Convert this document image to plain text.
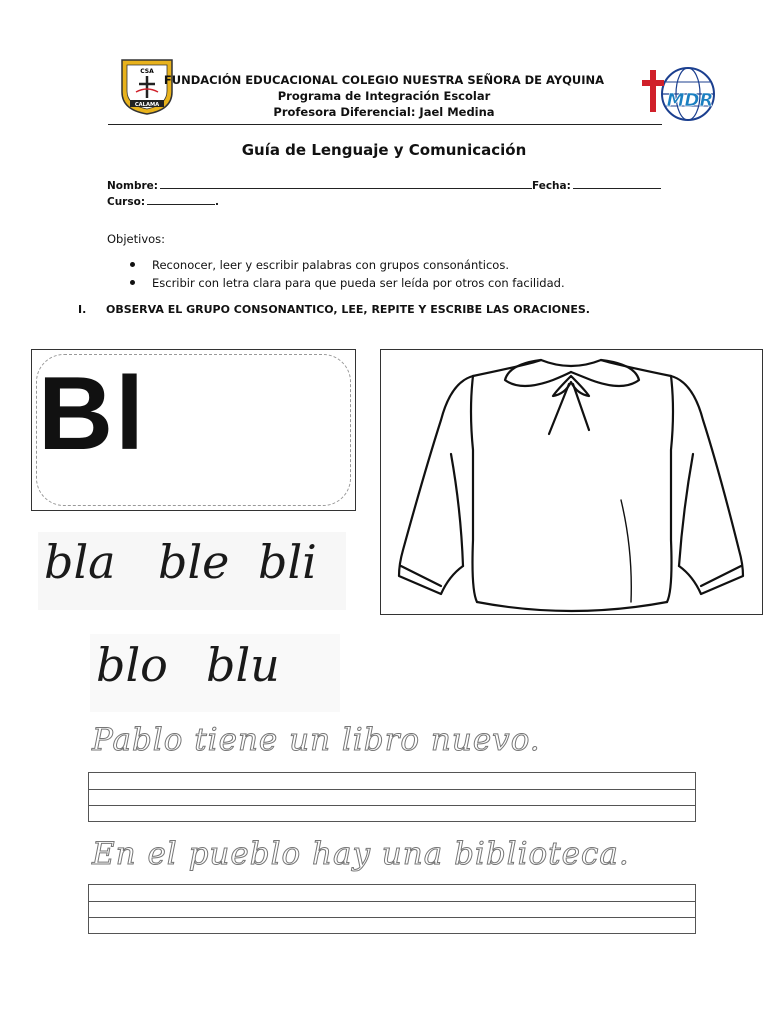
CSA
CALAMA	MDR
FUNDACIÓN EDUCACIONAL COLEGIO NUESTRA SEÑORA DE AYQUINA
Programa de Integración Escolar
Profesora Diferencial: Jael Medina
Guía de Lenguaje y Comunicación
Nombre:	Fecha:
Curso:	.
Objetivos:
Reconocer, leer y escribir palabras con grupos consonánticos.
Escribir con letra clara para que pueda ser leída por otros con facilidad.
I. OBSERVA EL GRUPO CONSONANTICO, LEE, REPITE Y ESCRIBE LAS ORACIONES.
Bl
bla ble bli
blo blu
Pablo tiene un libro nuevo.
En el pueblo hay una biblioteca.
